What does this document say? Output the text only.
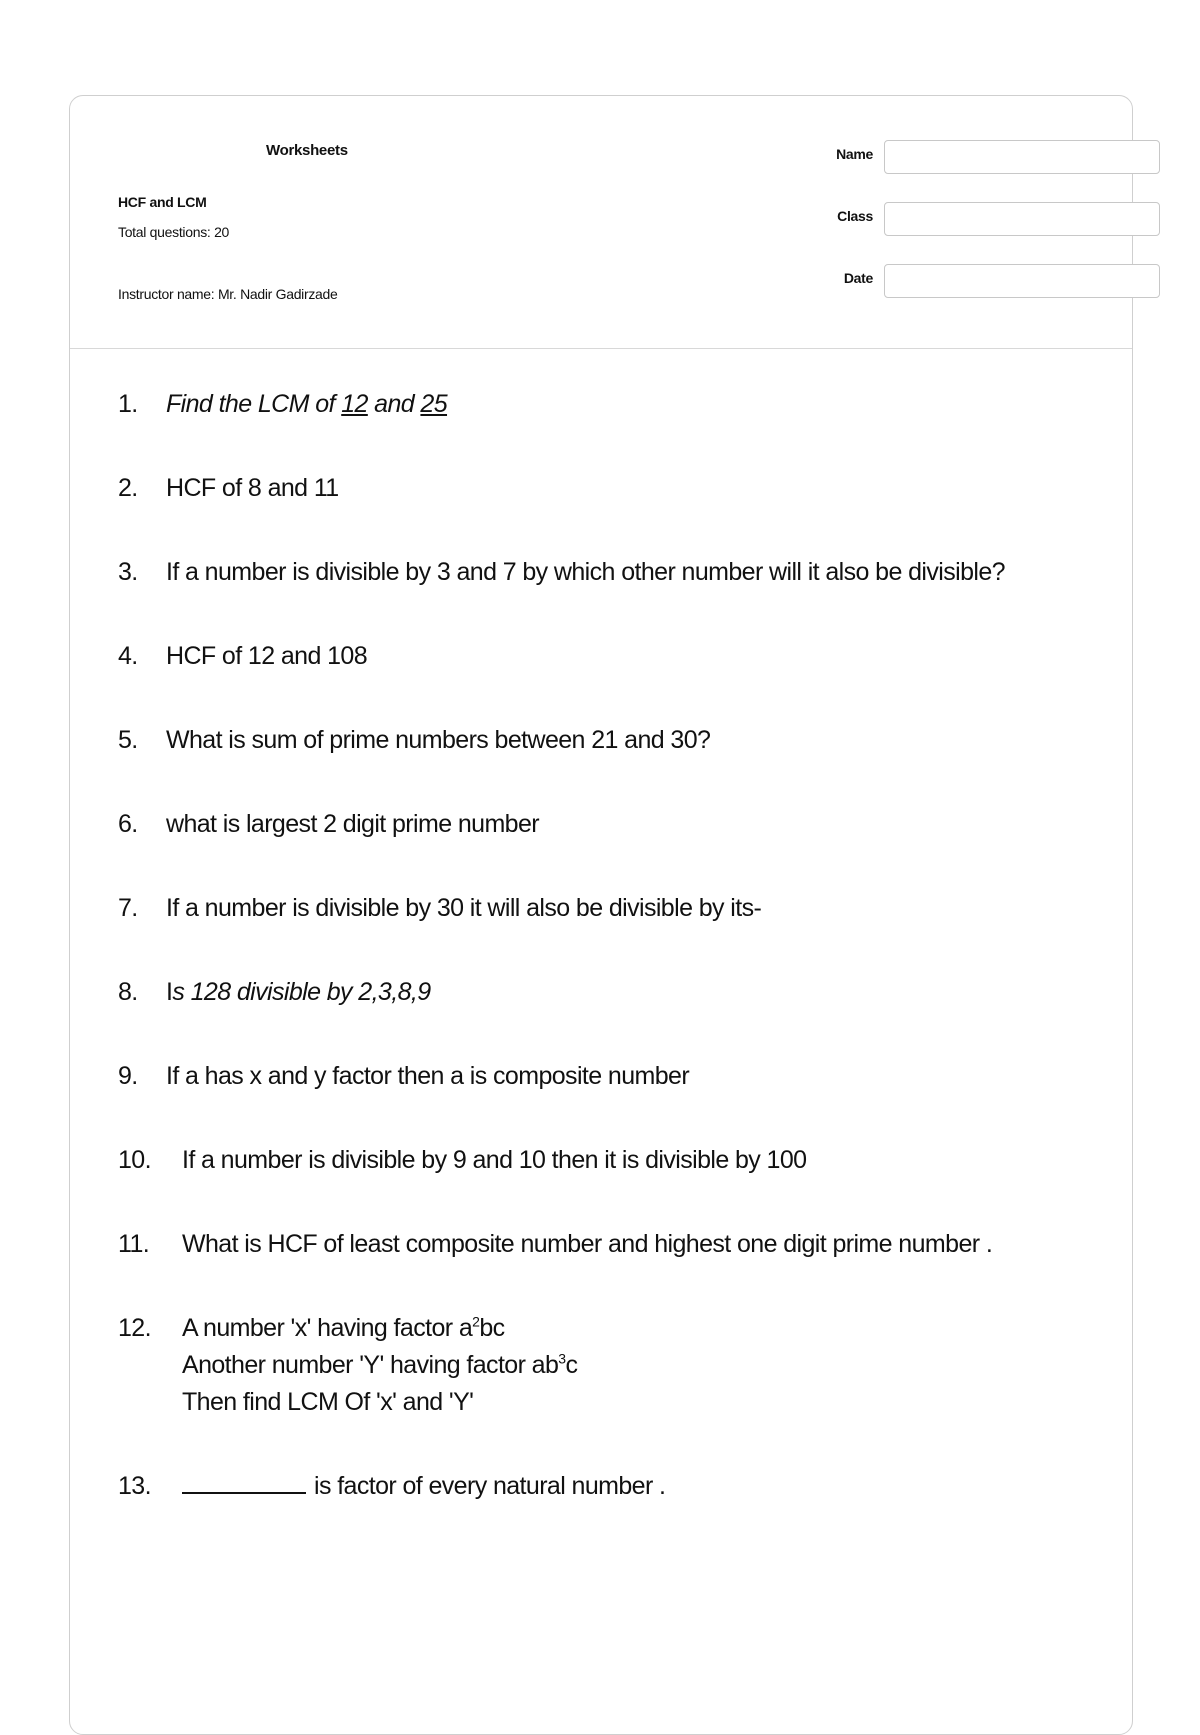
Worksheets
HCF and LCM
Total questions: 20
Instructor name: Mr. Nadir Gadirzade
Name
Class
Date
1. Find the LCM of 12 and 25
2. HCF of 8 and 11
3. If a number is divisible by 3 and 7 by which other number will it also be divisible?
4. HCF of 12 and 108
5. What is sum of prime numbers between 21 and 30?
6. what is largest 2 digit prime number
7. If a number is divisible by 30 it will also be divisible by its-
8. Is 128 divisible by 2,3,8,9
9. If a has x and y factor then a is composite number
10. If a number is divisible by 9 and 10 then it is divisible by 100
11. What is HCF of least composite number and highest one digit prime number .
12. A number 'x' having factor $a^2bc$
Another number 'Y' having factor $ab^3c$
Then find LCM Of 'x' and 'Y'
13.	is factor of every natural number .
